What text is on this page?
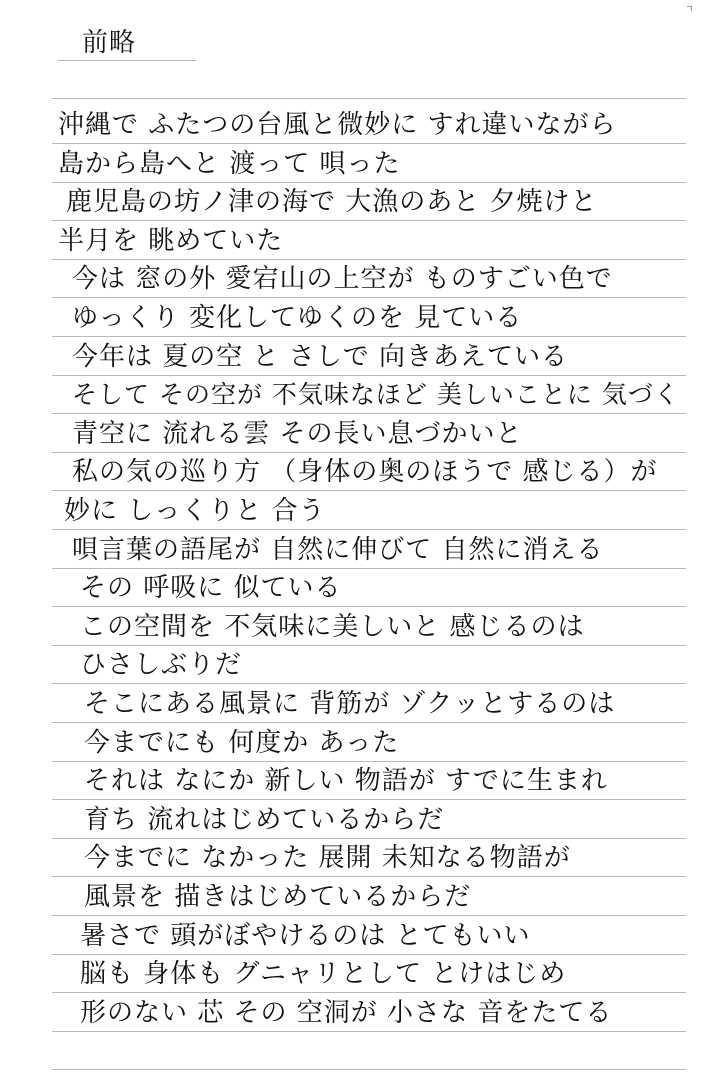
前略
沖縄で ふたつの台風と微妙に すれ違いながら
島から島へと 渡って 唄った
鹿児島の坊ノ津の海で 大漁のあと 夕焼けと
半月を 眺めていた
今は 窓の外 愛宕山の上空が ものすごい色で
ゆっくり 変化してゆくのを 見ている
今年は 夏の空 と さしで 向きあえている
そして その空が 不気味なほど 美しいことに 気づく
青空に 流れる雲 その長い息づかいと
私の気の巡り方 （身体の奥のほうで 感じる）が
妙に しっくりと 合う
唄言葉の語尾が 自然に伸びて 自然に消える
その 呼吸に 似ている
この空間を 不気味に美しいと 感じるのは
ひさしぶりだ
そこにある風景に 背筋が ゾクッとするのは
今までにも 何度か あった
それは なにか 新しい 物語が すでに生まれ
育ち 流れはじめているからだ
今までに なかった 展開 未知なる物語が
風景を 描きはじめているからだ
暑さで 頭がぼやけるのは とてもいい
脳も 身体も グニャリとして とけはじめ
形のない 芯 その 空洞が 小さな 音をたてる
